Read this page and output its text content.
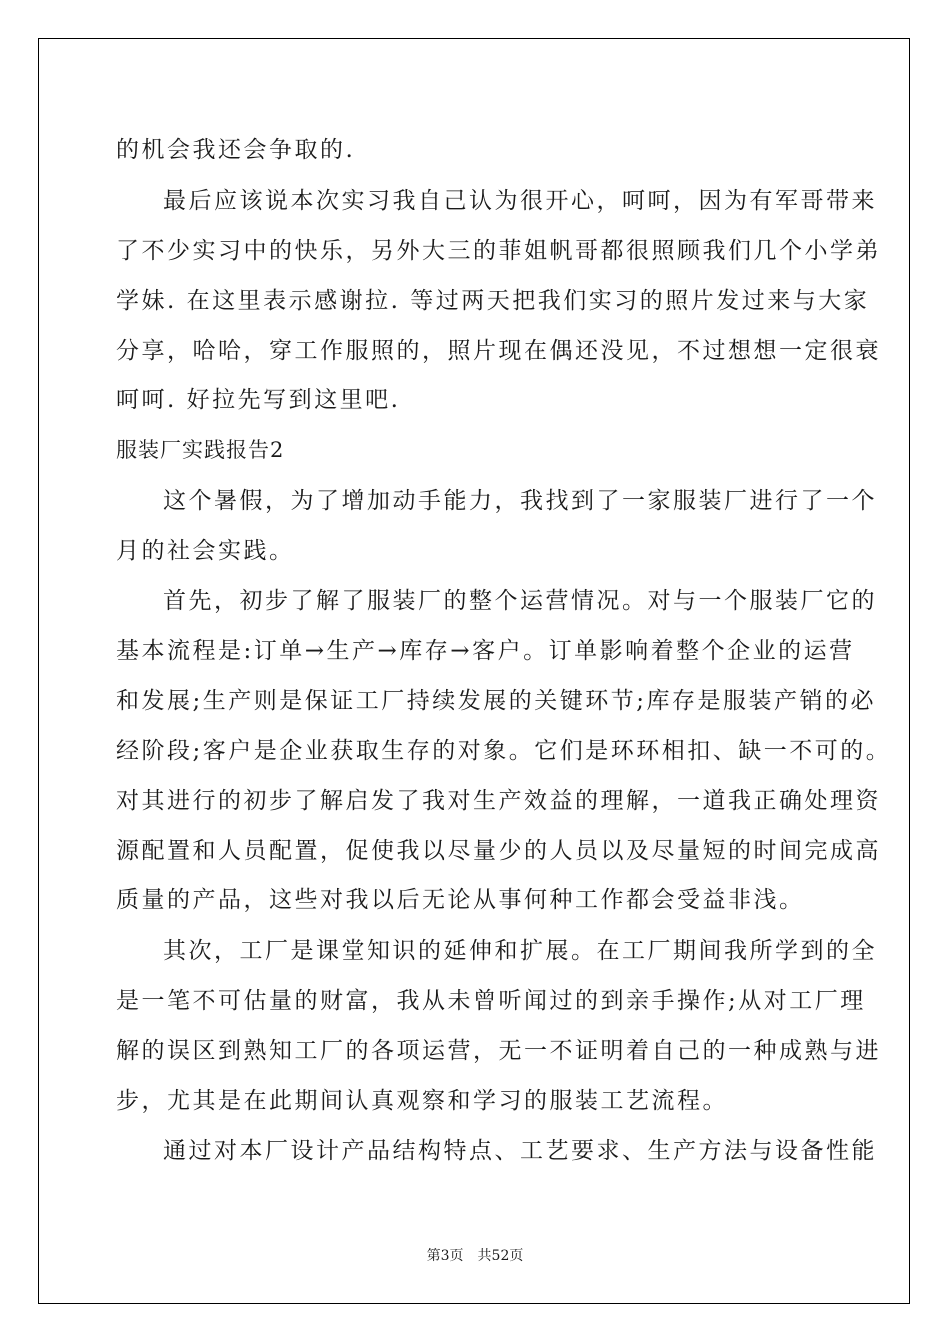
的机会我还会争取的.
最后应该说本次实习我自己认为很开心，呵呵，因为有军哥带来
了不少实习中的快乐，另外大三的菲姐帆哥都很照顾我们几个小学弟
学妹. 在这里表示感谢拉. 等过两天把我们实习的照片发过来与大家
分享，哈哈，穿工作服照的，照片现在偶还没见，不过想想一定很衰
呵呵. 好拉先写到这里吧.
服装厂实践报告2
这个暑假，为了增加动手能力，我找到了一家服装厂进行了一个
月的社会实践。
首先，初步了解了服装厂的整个运营情况。对与一个服装厂它的
基本流程是:订单→生产→库存→客户。订单影响着整个企业的运营
和发展;生产则是保证工厂持续发展的关键环节;库存是服装产销的必
经阶段;客户是企业获取生存的对象。它们是环环相扣、缺一不可的。
对其进行的初步了解启发了我对生产效益的理解，一道我正确处理资
源配置和人员配置，促使我以尽量少的人员以及尽量短的时间完成高
质量的产品，这些对我以后无论从事何种工作都会受益非浅。
其次，工厂是课堂知识的延伸和扩展。在工厂期间我所学到的全
是一笔不可估量的财富，我从未曾听闻过的到亲手操作;从对工厂理
解的误区到熟知工厂的各项运营，无一不证明着自己的一种成熟与进
步，尤其是在此期间认真观察和学习的服装工艺流程。
通过对本厂设计产品结构特点、工艺要求、生产方法与设备性能
第3页 共52页
